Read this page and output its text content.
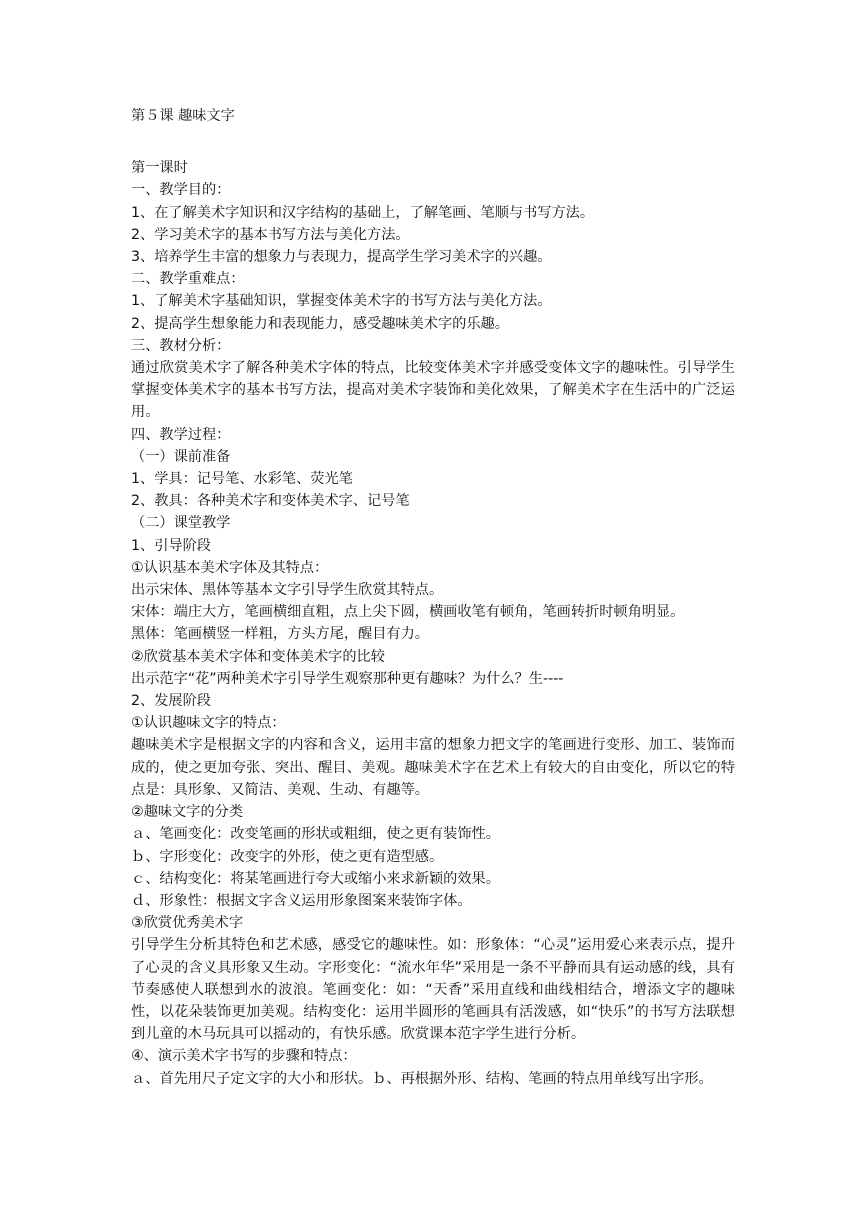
第５课 趣味文字
第一课时
一、教学目的：
1、在了解美术字知识和汉字结构的基础上，了解笔画、笔顺与书写方法。
2、学习美术字的基本书写方法与美化方法。
3、培养学生丰富的想象力与表现力，提高学生学习美术字的兴趣。
二、教学重难点：
1、了解美术字基础知识，掌握变体美术字的书写方法与美化方法。
2、提高学生想象能力和表现能力，感受趣味美术字的乐趣。
三、教材分析：
通过欣赏美术字了解各种美术字体的特点，比较变体美术字并感受变体文字的趣味性。引导学生掌握变体美术字的基本书写方法，提高对美术字装饰和美化效果，了解美术字在生活中的广泛运用。
四、教学过程：
（一）课前准备
1、学具：记号笔、水彩笔、荧光笔
2、教具：各种美术字和变体美术字、记号笔
（二）课堂教学
1、引导阶段
①认识基本美术字体及其特点：
出示宋体、黑体等基本文字引导学生欣赏其特点。
宋体：端庄大方，笔画横细直粗，点上尖下圆，横画收笔有顿角，笔画转折时顿角明显。
黑体：笔画横竖一样粗，方头方尾，醒目有力。
②欣赏基本美术字体和变体美术字的比较
出示范字“花”两种美术字引导学生观察那种更有趣味？为什么？生----
2、发展阶段
①认识趣味文字的特点：
趣味美术字是根据文字的内容和含义，运用丰富的想象力把文字的笔画进行变形、加工、装饰而成的，使之更加夸张、突出、醒目、美观。趣味美术字在艺术上有较大的自由变化，所以它的特点是：具形象、又简洁、美观、生动、有趣等。
②趣味文字的分类
ａ、笔画变化：改变笔画的形状或粗细，使之更有装饰性。
ｂ、字形变化：改变字的外形，使之更有造型感。
ｃ、结构变化：将某笔画进行夸大或缩小来求新颖的效果。
ｄ、形象性：根据文字含义运用形象图案来装饰字体。
③欣赏优秀美术字
引导学生分析其特色和艺术感，感受它的趣味性。如：形象体：“心灵”运用爱心来表示点，提升了心灵的含义具形象又生动。字形变化：“流水年华”采用是一条不平静而具有运动感的线，具有节奏感使人联想到水的波浪。笔画变化：如：“天香”采用直线和曲线相结合，增添文字的趣味性，以花朵装饰更加美观。结构变化：运用半圆形的笔画具有活泼感，如“快乐”的书写方法联想到儿童的木马玩具可以摇动的，有快乐感。欣赏课本范字学生进行分析。
④、演示美术字书写的步骤和特点：
ａ、首先用尺子定文字的大小和形状。ｂ、再根据外形、结构、笔画的特点用单线写出字形。
